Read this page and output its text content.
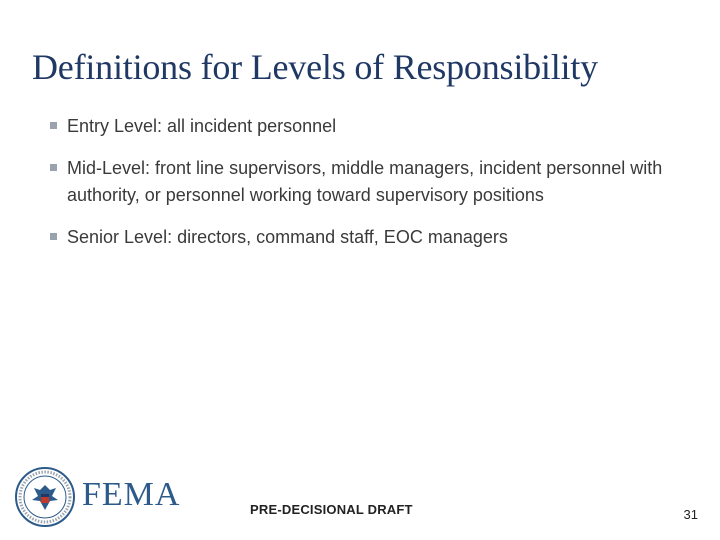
Definitions for Levels of Responsibility
Entry Level: all incident personnel
Mid-Level: front line supervisors, middle managers, incident personnel with authority, or personnel working toward supervisory positions
Senior Level: directors, command staff, EOC managers
FEMA	PRE-DECISIONAL DRAFT	31
